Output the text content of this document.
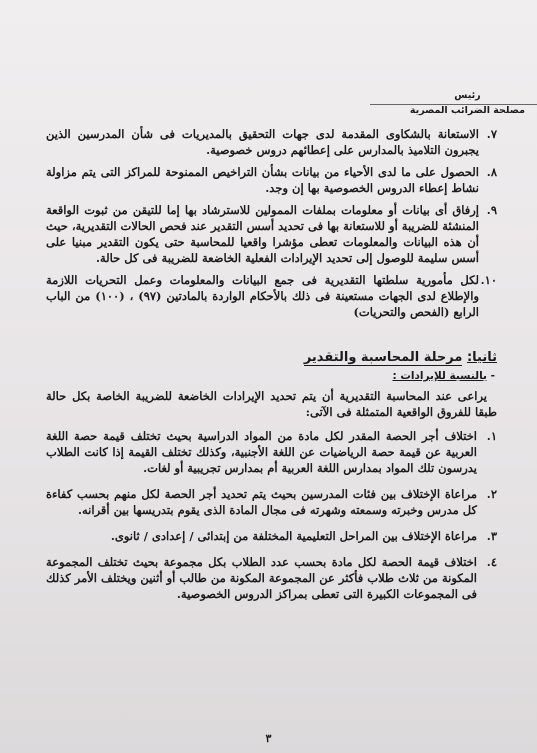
رئيس
مصلحة الضرائب المصرية
٧.
الاستعانة بالشكاوى المقدمة لدى جهات التحقيق بالمديريات فى شأن المدرسين الذين يجبرون التلاميذ بالمدارس على إعطائهم دروس خصوصية.
٨.
الحصول على ما لدى الأحياء من بيانات بشأن التراخيص الممنوحة للمراكز التى يتم مزاولة نشاط إعطاء الدروس الخصوصية بها إن وجد.
٩.
إرفاق أى بيانات أو معلومات بملفات الممولين للاسترشاد بها إما للتيقن من ثبوت الواقعة المنشئة للضريبة أو للاستعانة بها فى تحديد أسس التقدير عند فحص الحالات التقديرية، حيث أن هذه البيانات والمعلومات تعطى مؤشرا واقعيا للمحاسبة حتى يكون التقدير مبنيا على أسس سليمة للوصول إلى تحديد الإيرادات الفعلية الخاضعة للضريبة فى كل حالة.
١٠.
لكل مأمورية سلطتها التقديرية فى جمع البيانات والمعلومات وعمل التحريات اللازمة والإطلاع لدى الجهات مستعينة فى ذلك بالأحكام الواردة بالمادتين (٩٧) ، (١٠٠) من الباب الرابع (الفحص والتحريات)
ثانيا: مرحلة المحاسبة والتقدير
- بالنسبة للإيرادات :
يراعى عند المحاسبة التقديرية أن يتم تحديد الإيرادات الخاضعة للضريبة الخاصة بكل حالة طبقا للفروق الواقعية المتمثلة فى الآتى:
١.
اختلاف أجر الحصة المقدر لكل مادة من المواد الدراسية بحيث تختلف قيمة حصة اللغة العربية عن قيمة حصة الرياضيات عن اللغة الأجنبية، وكذلك تختلف القيمة إذا كانت الطلاب يدرسون تلك المواد بمدارس اللغة العربية أم بمدارس تجريبية أو لغات.
٢.
مراعاة الإختلاف بين فئات المدرسين بحيث يتم تحديد أجر الحصة لكل منهم بحسب كفاءة كل مدرس وخبرته وسمعته وشهرته فى مجال المادة الذى يقوم بتدريسها بين أقرانه.
٣.
مراعاة الإختلاف بين المراحل التعليمية المختلفة من إبتدائى / إعدادى / ثانوى.
٤.
اختلاف قيمة الحصة لكل مادة بحسب عدد الطلاب بكل مجموعة بحيث تختلف المجموعة المكونة من ثلاث طلاب فأكثر عن المجموعة المكونة من طالب أو أثنين ويختلف الأمر كذلك فى المجموعات الكبيرة التى تعطى بمراكز الدروس الخصوصية.
٣
